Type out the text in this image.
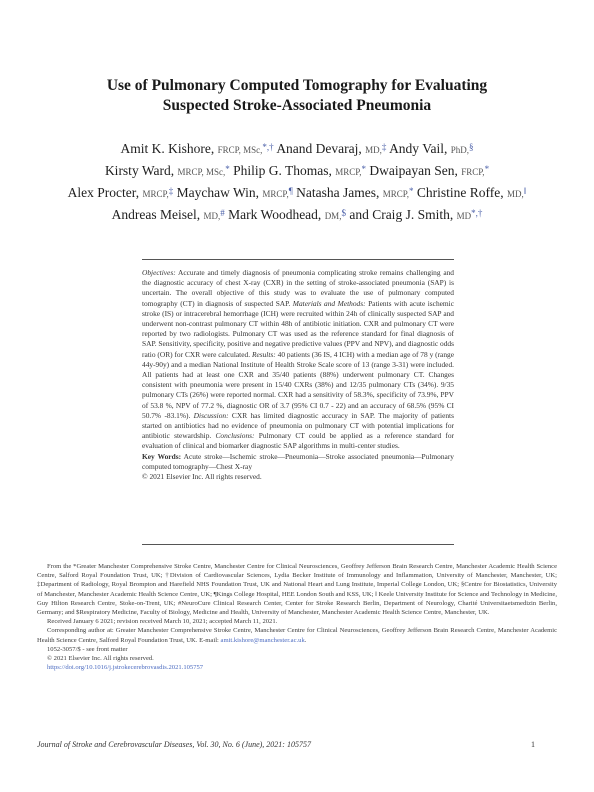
Use of Pulmonary Computed Tomography for Evaluating
Suspected Stroke-Associated Pneumonia
Amit K. Kishore, FRCP, MSc,*,† Anand Devaraj, MD,‡ Andy Vail, PhD,§ Kirsty Ward, MRCP, MSc,* Philip G. Thomas, MRCP,* Dwaipayan Sen, FRCP,* Alex Procter, MRCP,‡ Maychaw Win, MRCP,¶ Natasha James, MRCP,* Christine Roffe, MD,‖ Andreas Meisel, MD,# Mark Woodhead, DM,$ and Craig J. Smith, MD*,†

Objectives: Accurate and timely diagnosis of pneumonia complicating stroke remains challenging and the diagnostic accuracy of chest X-ray (CXR) in the setting of stroke-associated pneumonia (SAP) is uncertain. The overall objective of this study was to evaluate the use of pulmonary computed tomography (CT) in diagnosis of suspected SAP. Materials and Methods: Patients with acute ischemic stroke (IS) or intracerebral hemorrhage (ICH) were recruited within 24h of clinically suspected SAP and underwent non-contrast pulmonary CT within 48h of antibiotic initiation. CXR and pulmonary CT were reported by two radiologists. Pulmonary CT was used as the reference standard for final diagnosis of SAP. Sensitivity, specificity, positive and negative predictive values (PPV and NPV), and diagnostic odds ratio (OR) for CXR were calculated. Results: 40 patients (36 IS, 4 ICH) with a median age of 78 y (range 44y-90y) and a median National Institute of Health Stroke Scale score of 13 (range 3-31) were included. All patients had at least one CXR and 35/40 patients (88%) underwent pulmonary CT. Changes consistent with pneumonia were present in 15/40 CXRs (38%) and 12/35 pulmonary CTs (34%). 9/35 pulmonary CTs (26%) were reported normal. CXR had a sensitivity of 58.3%, specificity of 73.9%, PPV of 53.8 %, NPV of 77.2 %, diagnostic OR of 3.7 (95% CI 0.7 - 22) and an accuracy of 68.5% (95% CI 50.7% -83.1%). Discussion: CXR has limited diagnostic accuracy in SAP. The majority of patients started on antibiotics had no evidence of pneumonia on pulmonary CT with potential implications for antibiotic stewardship. Conclusions: Pulmonary CT could be applied as a reference standard for evaluation of clinical and biomarker diagnostic SAP algorithms in multi-center studies.

Key Words: Acute stroke—Ischemic stroke—Pneumonia—Stroke associated pneumonia—Pulmonary computed tomography—Chest X-ray

© 2021 Elsevier Inc. All rights reserved.

From the *Greater Manchester Comprehensive Stroke Centre, Manchester Centre for Clinical Neurosciences, Geoffrey Jefferson Brain Research Centre, Manchester Academic Health Science Centre, Salford Royal Foundation Trust, UK; †Division of Cardiovascular Sciences, Lydia Becker Institute of Immunology and Inflammation, University of Manchester, Manchester, UK; ‡Department of Radiology, Royal Brompton and Harefield NHS Foundation Trust, UK and National Heart and Lung Institute, Imperial College London, UK; §Centre for Biostatistics, University of Manchester, Manchester Academic Health Science Centre, UK; ¶Kings College Hospital, HEE London South and KSS, UK; ‖ Keele University Institute for Science and Technology in Medicine, Guy Hilton Research Centre, Stoke-on-Trent, UK; #NeuroCure Clinical Research Center, Center for Stroke Research Berlin, Department of Neurology, Charité Universitaetsmedizin Berlin, Germany; and $Respiratory Medicine, Faculty of Biology, Medicine and Health, University of Manchester, Manchester Academic Health Science Centre, Manchester, UK.

Received January 6 2021; revision received March 10, 2021; accepted March 11, 2021.

Corresponding author at: Greater Manchester Comprehensive Stroke Centre, Manchester Centre for Clinical Neurosciences, Geoffrey Jefferson Brain Research Centre, Manchester Academic Health Science Centre, Salford Royal Foundation Trust, UK. E-mail: amit.kishore@manchester.ac.uk.

1052-3057/$ - see front matter

© 2021 Elsevier Inc. All rights reserved.

https://doi.org/10.1016/j.jstrokecerebrovasdis.2021.105757

Journal of Stroke and Cerebrovascular Diseases, Vol. 30, No. 6 (June), 2021: 105757	1
